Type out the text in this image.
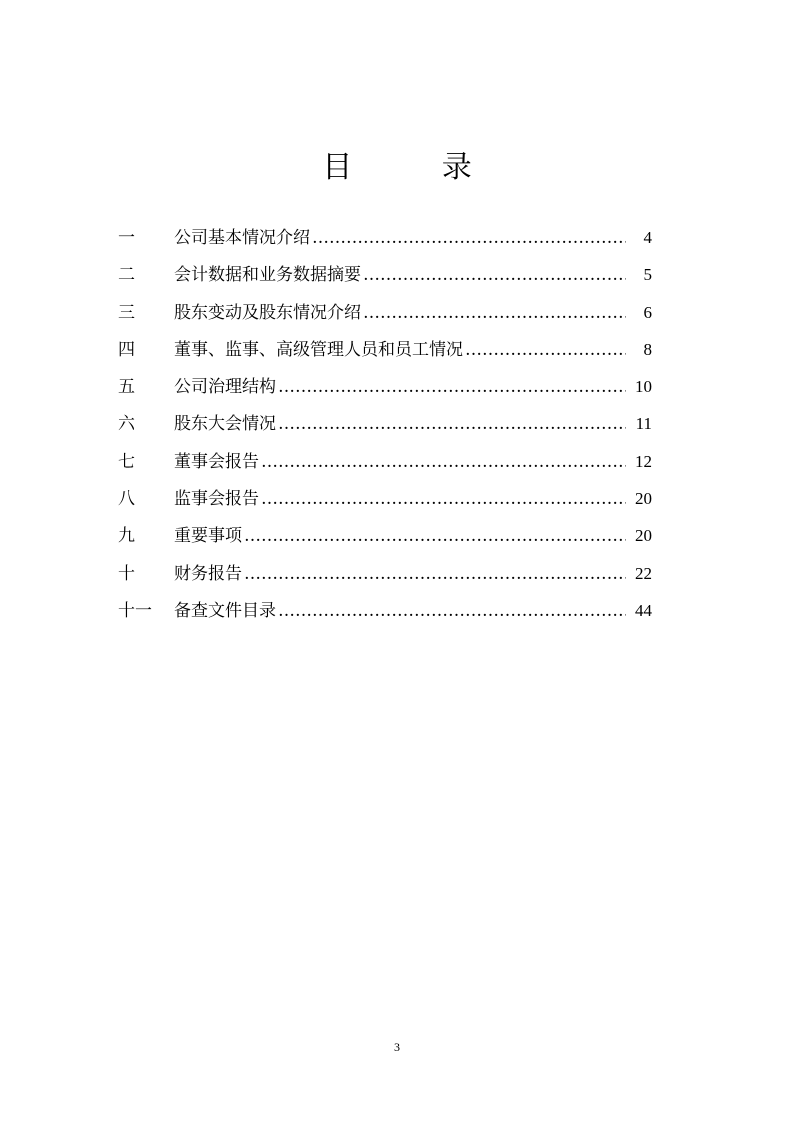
目 录
一	公司基本情况介绍 ……………………………………………………………………………………………………………………………………………………	4
二	会计数据和业务数据摘要 ……………………………………………………………………………………………………………………………………………………	5
三	股东变动及股东情况介绍 ……………………………………………………………………………………………………………………………………………………	6
四	董事、监事、高级管理人员和员工情况 ……………………………………………………………………………………………………………………………………………………	8
五	公司治理结构 ……………………………………………………………………………………………………………………………………………………	10
六	股东大会情况 ……………………………………………………………………………………………………………………………………………………	11
七	董事会报告 ……………………………………………………………………………………………………………………………………………………	12
八	监事会报告 ……………………………………………………………………………………………………………………………………………………	20
九	重要事项 ……………………………………………………………………………………………………………………………………………………	20
十	财务报告 ……………………………………………………………………………………………………………………………………………………	22
十一	备查文件目录 ……………………………………………………………………………………………………………………………………………………	44
3
